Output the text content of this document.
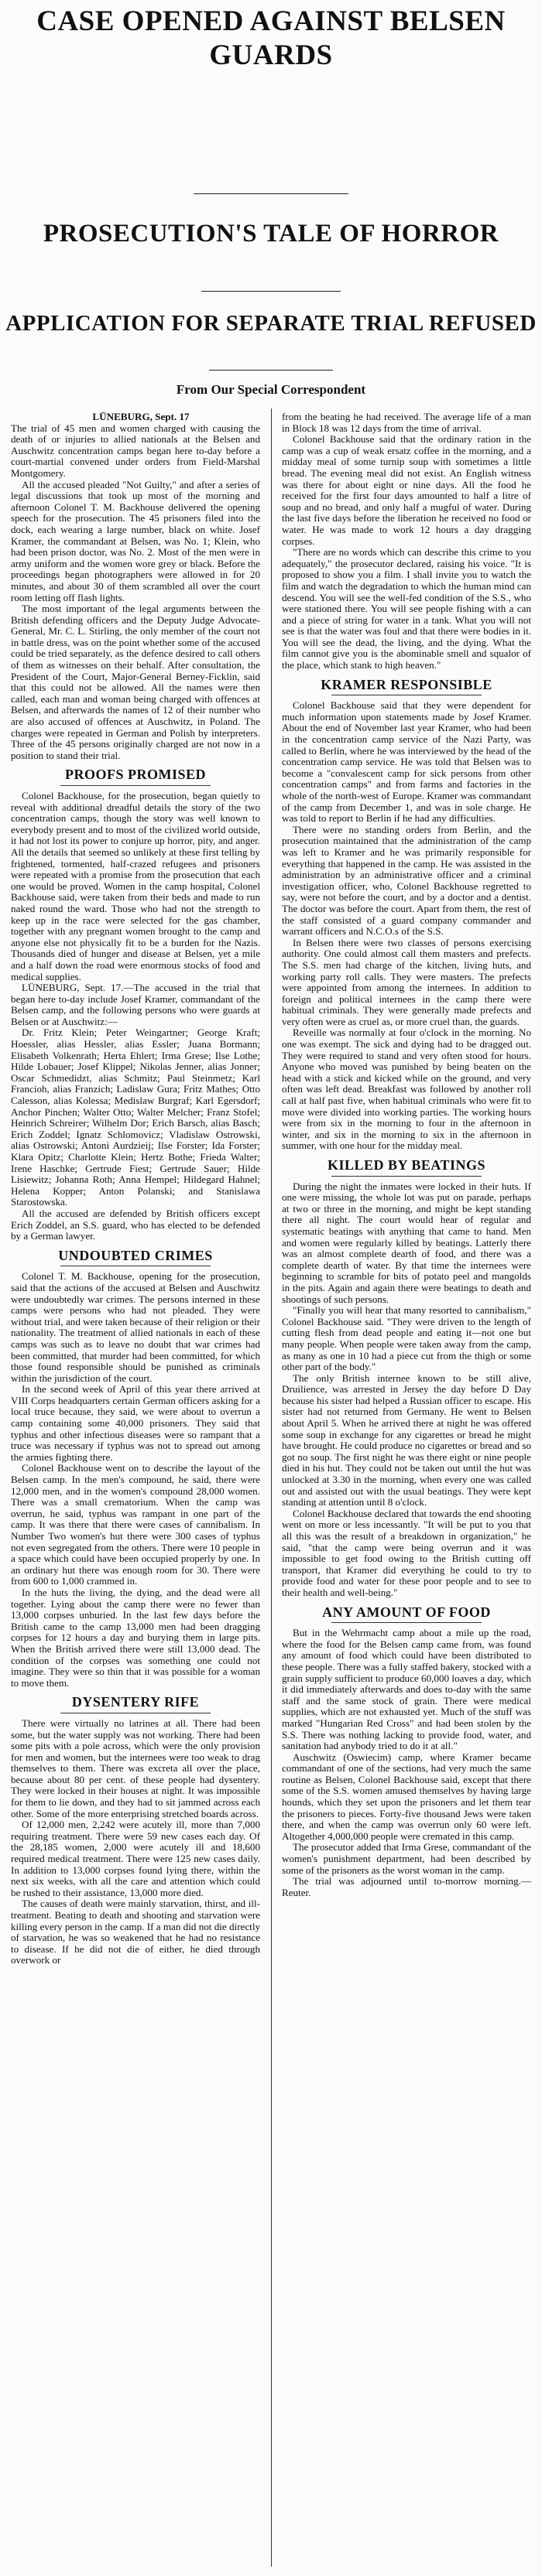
CASE OPENED AGAINST BELSEN GUARDS
PROSECUTION'S TALE OF HORROR
APPLICATION FOR SEPARATE TRIAL REFUSED

From Our Special Correspondent

LÜNEBURG, Sept. 17

The trial of 45 men and women charged with causing the death of or injuries to allied nationals at the Belsen and Auschwitz concentration camps began here to-day before a court-martial convened under orders from Field-Marshal Montgomery.

All the accused pleaded "Not Guilty," and after a series of legal discussions that took up most of the morning and afternoon Colonel T. M. Backhouse delivered the opening speech for the prosecution. The 45 prisoners filed into the dock, each wearing a large number, black on white. Josef Kramer, the commandant at Belsen, was No. 1; Klein, who had been prison doctor, was No. 2. Most of the men were in army uniform and the women wore grey or black. Before the proceedings began photographers were allowed in for 20 minutes, and about 30 of them scrambled all over the court room letting off flash lights.

The most important of the legal arguments between the British defending officers and the Deputy Judge Advocate-General, Mr. C. L. Stirling, the only member of the court not in battle dress, was on the point whether some of the accused could be tried separately, as the defence desired to call others of them as witnesses on their behalf. After consultation, the President of the Court, Major-General Berney-Ficklin, said that this could not be allowed. All the names were then called, each man and woman being charged with offences at Belsen, and afterwards the names of 12 of their number who are also accused of offences at Auschwitz, in Poland. The charges were repeated in German and Polish by interpreters. Three of the 45 persons originally charged are not now in a position to stand their trial.

PROOFS PROMISED

Colonel Backhouse, for the prosecution, began quietly to reveal with additional dreadful details the story of the two concentration camps, though the story was well known to everybody present and to most of the civilized world outside, it had not lost its power to conjure up horror, pity, and anger. All the details that seemed so unlikely at these first telling by frightened, tormented, half-crazed refugees and prisoners were repeated with a promise from the prosecution that each one would be proved. Women in the camp hospital, Colonel Backhouse said, were taken from their beds and made to run naked round the ward. Those who had not the strength to keep up in the race were selected for the gas chamber, together with any pregnant women brought to the camp and anyone else not physically fit to be a burden for the Nazis. Thousands died of hunger and disease at Belsen, yet a mile and a half down the road were enormous stocks of food and medical supplies.

LÜNEBURG, Sept. 17.—The accused in the trial that began here to-day include Josef Kramer, commandant of the Belsen camp, and the following persons who were guards at Belsen or at Auschwitz:—

Dr. Fritz Klein; Peter Weingartner; George Kraft; Hoessler, alias Hessler, alias Essler; Juana Bormann; Elisabeth Volkenrath; Herta Ehlert; Irma Grese; Ilse Lothe; Hilde Lobauer; Josef Klippel; Nikolas Jenner, alias Jonner; Oscar Schmedidzt, alias Schmitz; Paul Steinmetz; Karl Francioh, alias Franzich; Ladislaw Gura; Fritz Mathes; Otto Calesson, alias Kolessa; Medislaw Burgraf; Karl Egersdorf; Anchor Pinchen; Walter Otto; Walter Melcher; Franz Stofel; Heinrich Schreirer; Wilhelm Dor; Erich Barsch, alias Basch; Erich Zoddel; Ignatz Schlomovicz; Vladislaw Ostrowski, alias Ostrowski; Antoni Aurdzieij; Ilse Forster; Ida Forster; Klara Opitz; Charlotte Klein; Hertz Bothe; Frieda Walter; Irene Haschke; Gertrude Fiest; Gertrude Sauer; Hilde Lisiewitz; Johanna Roth; Anna Hempel; Hildegard Hahnel; Helena Kopper; Anton Polanski; and Stanislawa Starostowska.

All the accused are defended by British officers except Erich Zoddel, an S.S. guard, who has elected to be defended by a German lawyer.

UNDOUBTED CRIMES

Colonel T. M. Backhouse, opening for the prosecution, said that the actions of the accused at Belsen and Auschwitz were undoubtedly war crimes. The persons interned in these camps were persons who had not pleaded. They were without trial, and were taken because of their religion or their nationality. The treatment of allied nationals in each of these camps was such as to leave no doubt that war crimes had been committed, that murder had been committed, for which those found responsible should be punished as criminals within the jurisdiction of the court.

In the second week of April of this year there arrived at VIII Corps headquarters certain German officers asking for a local truce because, they said, we were about to overrun a camp containing some 40,000 prisoners. They said that typhus and other infectious diseases were so rampant that a truce was necessary if typhus was not to spread out among the armies fighting there.

Colonel Backhouse went on to describe the layout of the Belsen camp. In the men's compound, he said, there were 12,000 men, and in the women's compound 28,000 women. There was a small crematorium. When the camp was overrun, he said, typhus was rampant in one part of the camp. It was there that there were cases of cannibalism. In Number Two women's hut there were 300 cases of typhus not even segregated from the others. There were 10 people in a space which could have been occupied properly by one. In an ordinary hut there was enough room for 30. There were from 600 to 1,000 crammed in.

In the huts the living, the dying, and the dead were all together. Lying about the camp there were no fewer than 13,000 corpses unburied. In the last few days before the British came to the camp 13,000 men had been dragging corpses for 12 hours a day and burying them in large pits. When the British arrived there were still 13,000 dead. The condition of the corpses was something one could not imagine. They were so thin that it was possible for a woman to move them.

DYSENTERY RIFE

There were virtually no latrines at all. There had been some, but the water supply was not working. There had been some pits with a pole across, which were the only provision for men and women, but the internees were too weak to drag themselves to them. There was excreta all over the place, because about 80 per cent. of these people had dysentery. They were locked in their houses at night. It was impossible for them to lie down, and they had to sit jammed across each other. Some of the more enterprising stretched boards across.

Of 12,000 men, 2,242 were acutely ill, more than 7,000 requiring treatment. There were 59 new cases each day. Of the 28,185 women, 2,000 were acutely ill and 18,600 required medical treatment. There were 125 new cases daily. In addition to 13,000 corpses found lying there, within the next six weeks, with all the care and attention which could be rushed to their assistance, 13,000 more died.

The causes of death were mainly starvation, thirst, and ill-treatment. Beating to death and shooting and starvation were killing every person in the camp. If a man did not die directly of starvation, he was so weakened that he had no resistance to disease. If he did not die of either, he died through overwork or

from the beating he had received. The average life of a man in Block 18 was 12 days from the time of arrival.

Colonel Backhouse said that the ordinary ration in the camp was a cup of weak ersatz coffee in the morning, and a midday meal of some turnip soup with sometimes a little bread. The evening meal did not exist. An English witness was there for about eight or nine days. All the food he received for the first four days amounted to half a litre of soup and no bread, and only half a mugful of water. During the last five days before the liberation he received no food or water. He was made to work 12 hours a day dragging corpses.

"There are no words which can describe this crime to you adequately," the prosecutor declared, raising his voice. "It is proposed to show you a film. I shall invite you to watch the film and watch the degradation to which the human mind can descend. You will see the well-fed condition of the S.S., who were stationed there. You will see people fishing with a can and a piece of string for water in a tank. What you will not see is that the water was foul and that there were bodies in it. You will see the dead, the living, and the dying. What the film cannot give you is the abominable smell and squalor of the place, which stank to high heaven."

KRAMER RESPONSIBLE

Colonel Backhouse said that they were dependent for much information upon statements made by Josef Kramer. About the end of November last year Kramer, who had been in the concentration camp service of the Nazi Party, was called to Berlin, where he was interviewed by the head of the concentration camp service. He was told that Belsen was to become a "convalescent camp for sick persons from other concentration camps" and from farms and factories in the whole of the north-west of Europe. Kramer was commandant of the camp from December 1, and was in sole charge. He was told to report to Berlin if he had any difficulties.

There were no standing orders from Berlin, and the prosecution maintained that the administration of the camp was left to Kramer and he was primarily responsible for everything that happened in the camp. He was assisted in the administration by an administrative officer and a criminal investigation officer, who, Colonel Backhouse regretted to say, were not before the court, and by a doctor and a dentist. The doctor was before the court. Apart from them, the rest of the staff consisted of a guard company commander and warrant officers and N.C.O.s of the S.S.

In Belsen there were two classes of persons exercising authority. One could almost call them masters and prefects. The S.S. men had charge of the kitchen, living huts, and working party roll calls. They were masters. The prefects were appointed from among the internees. In addition to foreign and political internees in the camp there were habitual criminals. They were generally made prefects and very often were as cruel as, or more cruel than, the guards.

Reveille was normally at four o'clock in the morning. No one was exempt. The sick and dying had to be dragged out. They were required to stand and very often stood for hours. Anyone who moved was punished by being beaten on the head with a stick and kicked while on the ground, and very often was left dead. Breakfast was followed by another roll call at half past five, when habitual criminals who were fit to move were divided into working parties. The working hours were from six in the morning to four in the afternoon in winter, and six in the morning to six in the afternoon in summer, with one hour for the midday meal.

KILLED BY BEATINGS

During the night the inmates were locked in their huts. If one were missing, the whole lot was put on parade, perhaps at two or three in the morning, and might be kept standing there all night. The court would hear of regular and systematic beatings with anything that came to hand. Men and women were regularly killed by beatings. Latterly there was an almost complete dearth of food, and there was a complete dearth of water. By that time the internees were beginning to scramble for bits of potato peel and mangolds in the pits. Again and again there were beatings to death and shootings of such persons.

"Finally you will hear that many resorted to cannibalism," Colonel Backhouse said. "They were driven to the length of cutting flesh from dead people and eating it—not one but many people. When people were taken away from the camp, as many as one in 10 had a piece cut from the thigh or some other part of the body."

The only British internee known to be still alive, Druilience, was arrested in Jersey the day before D Day because his sister had helped a Russian officer to escape. His sister had not returned from Germany. He went to Belsen about April 5. When he arrived there at night he was offered some soup in exchange for any cigarettes or bread he might have brought. He could produce no cigarettes or bread and so got no soup. The first night he was there eight or nine people died in his hut. They could not be taken out until the hut was unlocked at 3.30 in the morning, when every one was called out and assisted out with the usual beatings. They were kept standing at attention until 8 o'clock.

Colonel Backhouse declared that towards the end shooting went on more or less incessantly. "It will be put to you that all this was the result of a breakdown in organization," he said, "that the camp were being overrun and it was impossible to get food owing to the British cutting off transport, that Kramer did everything he could to try to provide food and water for these poor people and to see to their health and well-being."

ANY AMOUNT OF FOOD

But in the Wehrmacht camp about a mile up the road, where the food for the Belsen camp came from, was found any amount of food which could have been distributed to these people. There was a fully staffed bakery, stocked with a grain supply sufficient to produce 60,000 loaves a day, which it did immediately afterwards and does to-day with the same staff and the same stock of grain. There were medical supplies, which are not exhausted yet. Much of the stuff was marked "Hungarian Red Cross" and had been stolen by the S.S. There was nothing lacking to provide food, water, and sanitation had anybody tried to do it at all."

Auschwitz (Oswiecim) camp, where Kramer became commandant of one of the sections, had very much the same routine as Belsen, Colonel Backhouse said, except that there some of the S.S. women amused themselves by having large hounds, which they set upon the prisoners and let them tear the prisoners to pieces. Forty-five thousand Jews were taken there, and when the camp was overrun only 60 were left. Altogether 4,000,000 people were cremated in this camp.

The prosecutor added that Irma Grese, commandant of the women's punishment department, had been described by some of the prisoners as the worst woman in the camp.

The trial was adjourned until to-morrow morning.—Reuter.
